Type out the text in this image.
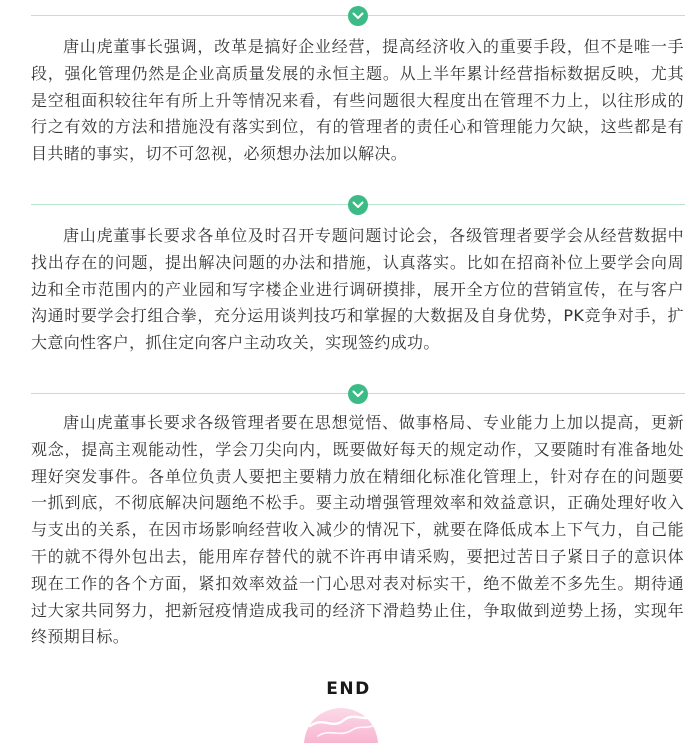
唐山虎董事长强调，改革是搞好企业经营，提高经济收入的重要手段，但不是唯一手段，强化管理仍然是企业高质量发展的永恒主题。从上半年累计经营指标数据反映，尤其是空租面积较往年有所上升等情况来看，有些问题很大程度出在管理不力上，以往形成的行之有效的方法和措施没有落实到位，有的管理者的责任心和管理能力欠缺，这些都是有目共睹的事实，切不可忽视，必须想办法加以解决。

唐山虎董事长要求各单位及时召开专题问题讨论会，各级管理者要学会从经营数据中找出存在的问题，提出解决问题的办法和措施，认真落实。比如在招商补位上要学会向周边和全市范围内的产业园和写字楼企业进行调研摸排，展开全方位的营销宣传，在与客户沟通时要学会打组合拳，充分运用谈判技巧和掌握的大数据及自身优势，PK竞争对手，扩大意向性客户，抓住定向客户主动攻关，实现签约成功。

唐山虎董事长要求各级管理者要在思想觉悟、做事格局、专业能力上加以提高，更新观念，提高主观能动性，学会刀尖向内，既要做好每天的规定动作，又要随时有准备地处理好突发事件。各单位负责人要把主要精力放在精细化标准化管理上，针对存在的问题要一抓到底，不彻底解决问题绝不松手。要主动增强管理效率和效益意识，正确处理好收入与支出的关系，在因市场影响经营收入减少的情况下，就要在降低成本上下气力，自己能干的就不得外包出去，能用库存替代的就不许再申请采购，要把过苦日子紧日子的意识体现在工作的各个方面，紧扣效率效益一门心思对表对标实干，绝不做差不多先生。期待通过大家共同努力，把新冠疫情造成我司的经济下滑趋势止住，争取做到逆势上扬，实现年终预期目标。

END
